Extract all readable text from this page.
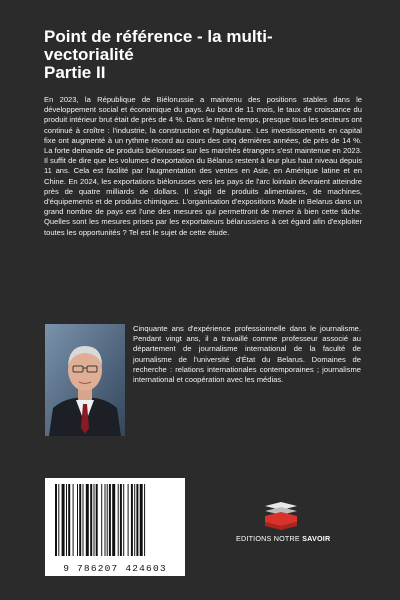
Point de référence - la multi-
vectorialité
Partie II

En 2023, la République de Biélorussie a maintenu des positions stables dans le développement social et économique du pays. Au bout de 11 mois, le taux de croissance du produit intérieur brut était de près de 4 %. Dans le même temps, presque tous les secteurs ont continué à croître : l'industrie, la construction et l'agriculture. Les investissements en capital fixe ont augmenté à un rythme record au cours des cinq dernières années, de près de 14 %. La forte demande de produits biélorusses sur les marchés étrangers s'est maintenue en 2023. Il suffit de dire que les volumes d'exportation du Bélarus restent à leur plus haut niveau depuis 11 ans. Cela est facilité par l'augmentation des ventes en Asie, en Amérique latine et en Chine. En 2024, les exportations biélorusses vers les pays de l'arc lointain devraient atteindre près de quatre milliards de dollars. Il s'agit de produits alimentaires, de machines, d'équipements et de produits chimiques. L'organisation d'expositions Made in Belarus dans un grand nombre de pays est l'une des mesures qui permettront de mener à bien cette tâche. Quelles sont les mesures prises par les exportateurs bélarussiens à cet égard afin d'exploiter toutes les opportunités ? Tel est le sujet de cette étude.

Cinquante ans d'expérience professionnelle dans le journalisme. Pendant vingt ans, il a travaillé comme professeur associé au département de journalisme international de la faculté de journalisme de l'université d'État du Belarus. Domaines de recherche : relations internationales contemporaines ; journalisme international et coopération avec les médias.

9 786207 424603
EDITIONS NOTRE SAVOIR
